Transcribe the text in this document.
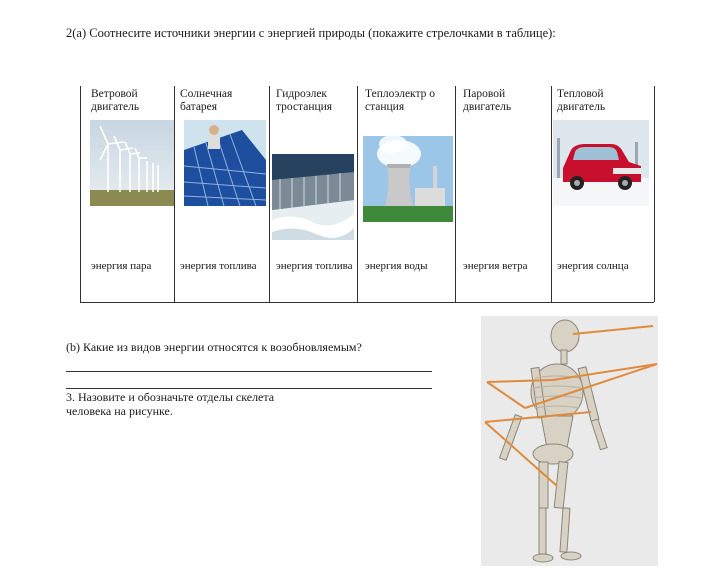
2(a) Соотнесите источники энергии с энергией природы (покажите стрелочками в таблице):
Ветровой двигатель
энергия пара
Солнечная батарея
энергия топлива
Гидроэлек тростанция
энергия топлива
Теплоэлектр о станция
энергия воды
Паровой двигатель
энергия ветра
Тепловой двигатель
энергия солнца
(b) Какие из видов энергии относятся к возобновляемым?
3. Назовите и обозначьте отделы скелета человека на рисунке.
